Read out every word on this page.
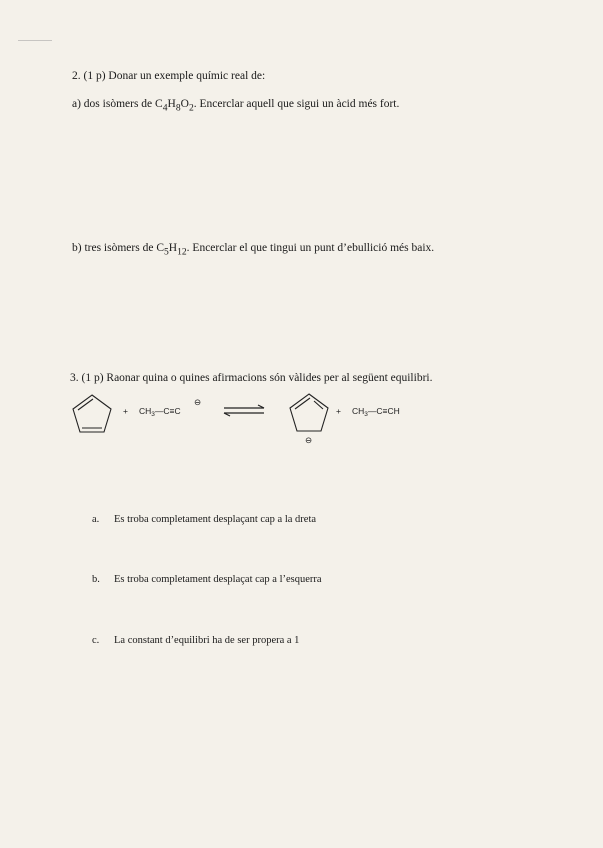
2. (1 p) Donar un exemple químic real de:
a) dos isòmers de $C_4H_8O_2$. Encerclar aquell que sigui un àcid més fort.
b) tres isòmers de $C_5H_{12}$. Encerclar el que tingui un punt d’ebullició més baix.
3. (1 p) Raonar quina o quines afirmacions són vàlides per al següent equilibri.
+ $CH_3—C\equiv C$
⊖
⊖
+ $CH_3—C\equiv CH$
a. Es troba completament desplaçant cap a la dreta
b. Es troba completament desplaçat cap a l’esquerra
c. La constant d’equilibri ha de ser propera a 1
